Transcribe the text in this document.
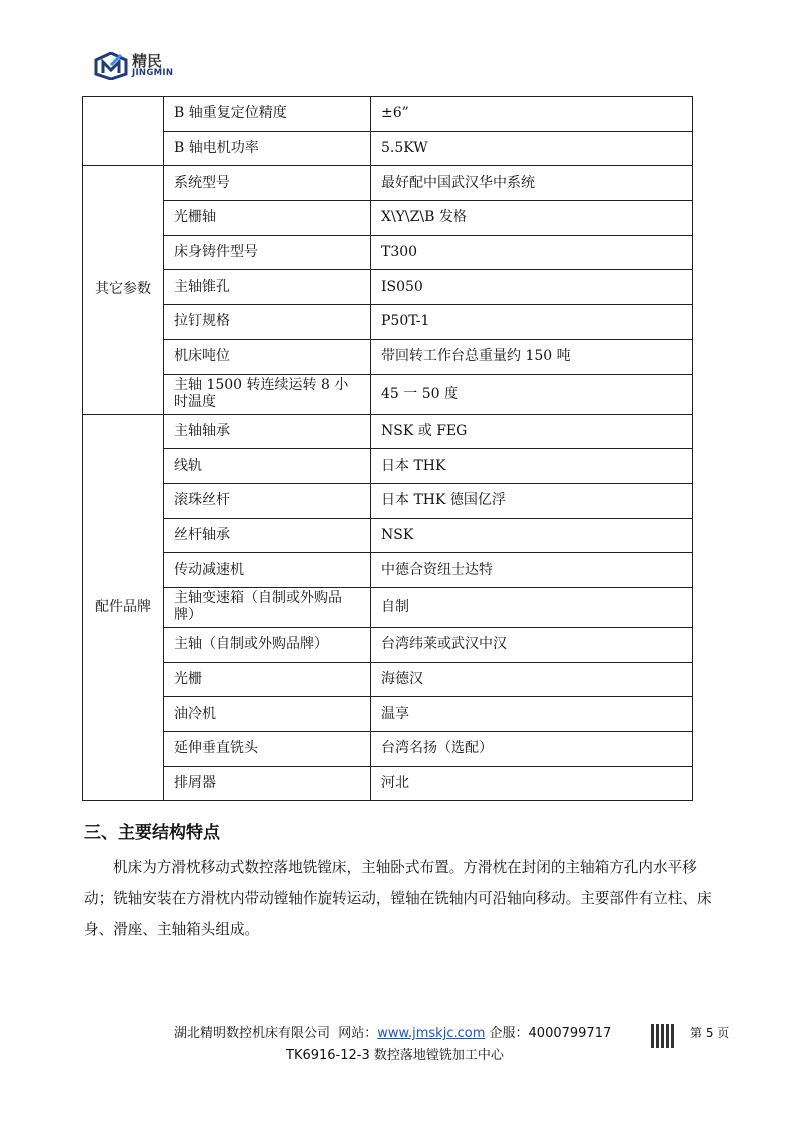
精民
JINGMIN
	B 轴重复定位精度	±6”
	B 轴电机功率	5.5KW
其它参数	系统型号	最好配中国武汉华中系统
	光栅轴	X\Y\Z\B 发格
	床身铸件型号	T300
	主轴锥孔	IS050
	拉钉规格	P50T-1
	机床吨位	带回转工作台总重量约 150 吨
	主轴 1500 转连续运转 8 小时温度	45 一 50 度
配件品牌	主轴轴承	NSK 或 FEG
	线轨	日本 THK
	滚珠丝杆	日本 THK 德国亿浮
	丝杆轴承	NSK
	传动减速机	中德合资纽士达特
	主轴变速箱（自制或外购品牌）	自制
	主轴（自制或外购品牌）	台湾纬莱或武汉中汉
	光栅	海德汉
	油冷机	温享
	延伸垂直铣头	台湾名扬（选配）
	排屑器	河北
三、主要结构特点
机床为方滑枕移动式数控落地铣镗床，主轴卧式布置。方滑枕在封闭的主轴箱方孔内水平移动；铣轴安装在方滑枕内带动镗轴作旋转运动，镗轴在铣轴内可沿轴向移动。主要部件有立柱、床身、滑座、主轴箱头组成。
湖北精明数控机床有限公司 网站：www.jmskjc.com 企服：4000799717	第 5 页
TK6916-12-3 数控落地镗铣加工中心
